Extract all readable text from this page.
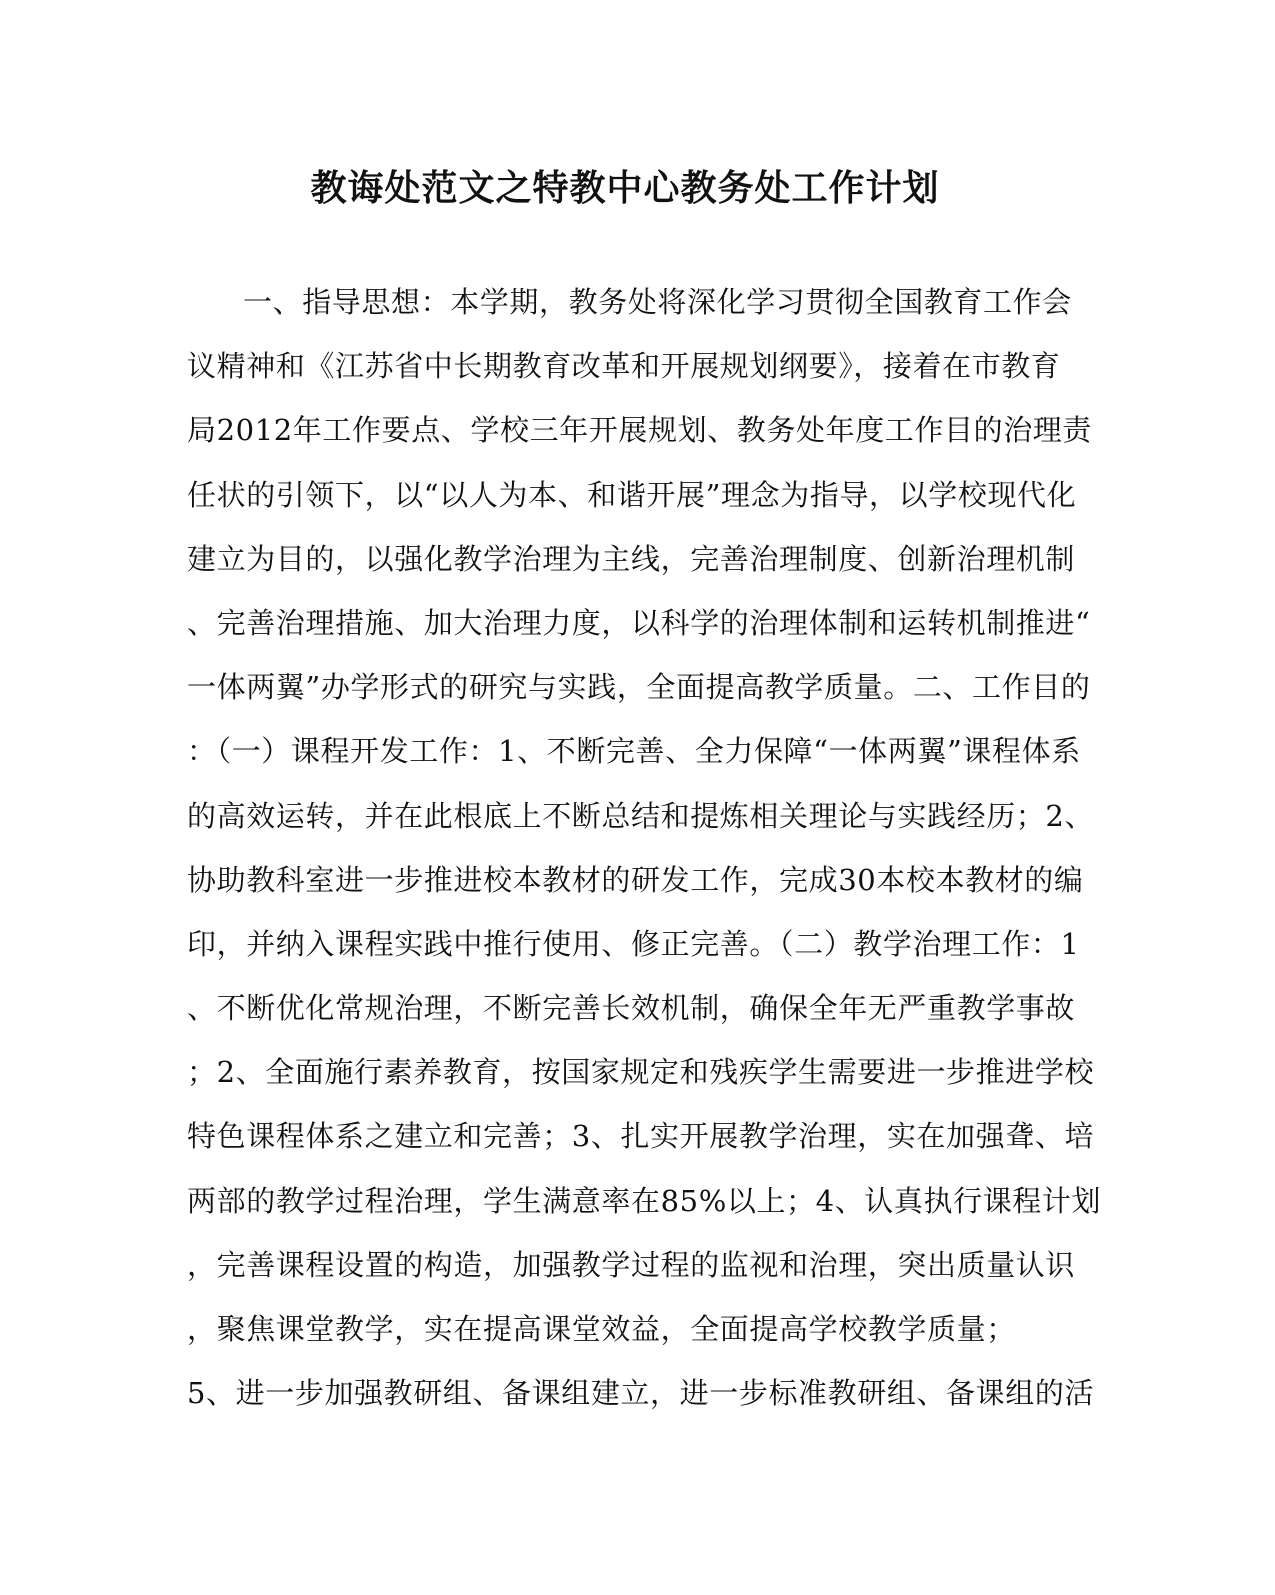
教诲处范文之特教中心教务处工作计划
一、指导思想：本学期，教务处将深化学习贯彻全国教育工作会
议精神和《江苏省中长期教育改革和开展规划纲要》，接着在市教育
局2012年工作要点、学校三年开展规划、教务处年度工作目的治理责
任状的引领下，以“以人为本、和谐开展”理念为指导，以学校现代化
建立为目的，以强化教学治理为主线，完善治理制度、创新治理机制
、完善治理措施、加大治理力度，以科学的治理体制和运转机制推进“
一体两翼”办学形式的研究与实践，全面提高教学质量。二、工作目的
：（一）课程开发工作：1、不断完善、全力保障“一体两翼”课程体系
的高效运转，并在此根底上不断总结和提炼相关理论与实践经历；2、
协助教科室进一步推进校本教材的研发工作，完成30本校本教材的编
印，并纳入课程实践中推行使用、修正完善。（二）教学治理工作：1
、不断优化常规治理，不断完善长效机制，确保全年无严重教学事故
；2、全面施行素养教育，按国家规定和残疾学生需要进一步推进学校
特色课程体系之建立和完善；3、扎实开展教学治理，实在加强聋、培
两部的教学过程治理，学生满意率在85%以上；4、认真执行课程计划
，完善课程设置的构造，加强教学过程的监视和治理，突出质量认识
，聚焦课堂教学，实在提高课堂效益，全面提高学校教学质量；
5、进一步加强教研组、备课组建立，进一步标准教研组、备课组的活
